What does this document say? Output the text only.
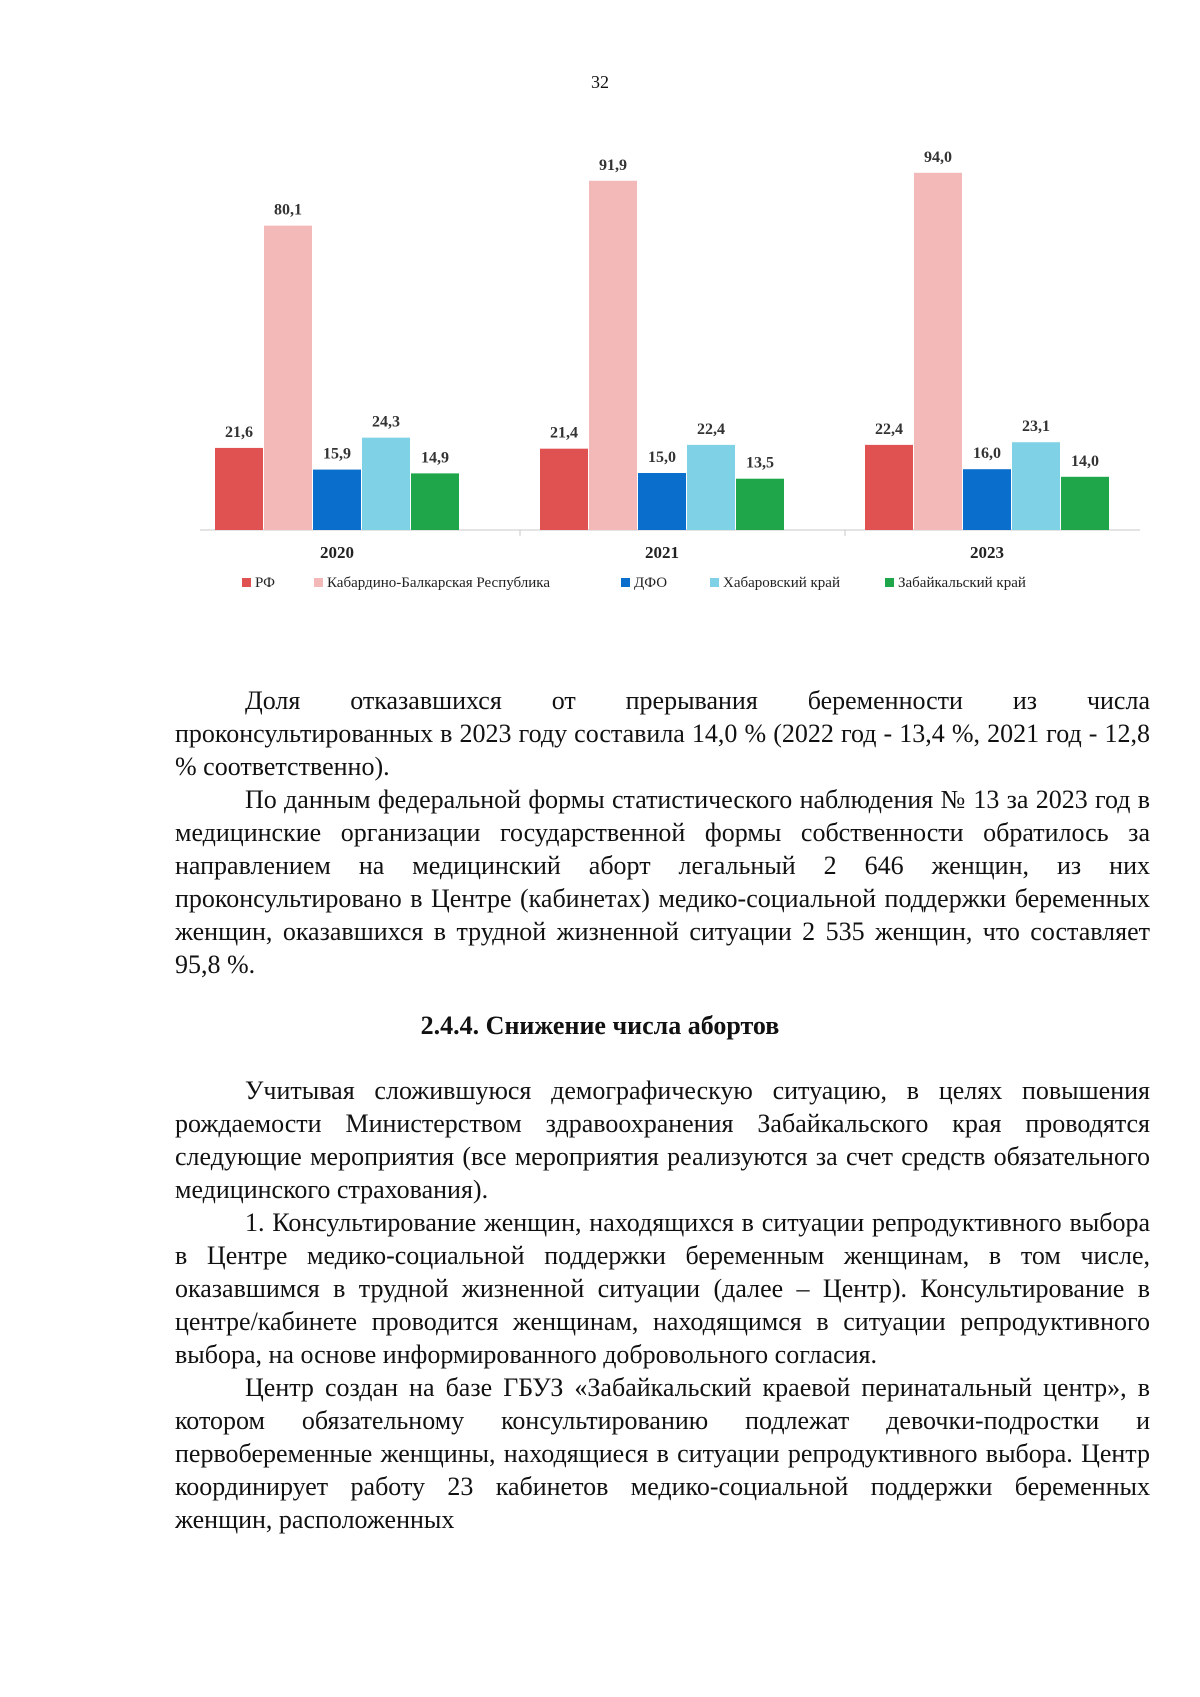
32
21,6
80,1
15,9
24,3
14,9
2020
21,4
91,9
15,0
22,4
13,5
2021
22,4
94,0
16,0
23,1
14,0
2023
РФ	Кабардино-Балкарская Республика	ДФО	Хабаровский край	Забайкальский край

Доля отказавшихся от прерывания беременности из числа проконсультированных в 2023 году составила 14,0 % (2022 год - 13,4 %, 2021 год - 12,8 % соответственно).

По данным федеральной формы статистического наблюдения № 13 за 2023 год в медицинские организации государственной формы собственности обратилось за направлением на медицинский аборт легальный 2 646 женщин, из них проконсультировано в Центре (кабинетах) медико-социальной поддержки беременных женщин, оказавшихся в трудной жизненной ситуации 2 535 женщин, что составляет 95,8 %.

2.4.4. Снижение числа абортов

Учитывая сложившуюся демографическую ситуацию, в целях повышения рождаемости Министерством здравоохранения Забайкальского края проводятся следующие мероприятия (все мероприятия реализуются за счет средств обязательного медицинского страхования).

1. Консультирование женщин, находящихся в ситуации репродуктивного выбора в Центре медико-социальной поддержки беременным женщинам, в том числе, оказавшимся в трудной жизненной ситуации (далее – Центр). Консультирование в центре/кабинете проводится женщинам, находящимся в ситуации репродуктивного выбора, на основе информированного добровольного согласия.

Центр создан на базе ГБУЗ «Забайкальский краевой перинатальный центр», в котором обязательному консультированию подлежат девочки-подростки и первобеременные женщины, находящиеся в ситуации репродуктивного выбора. Центр координирует работу 23 кабинетов медико-социальной поддержки беременных женщин, расположенных
